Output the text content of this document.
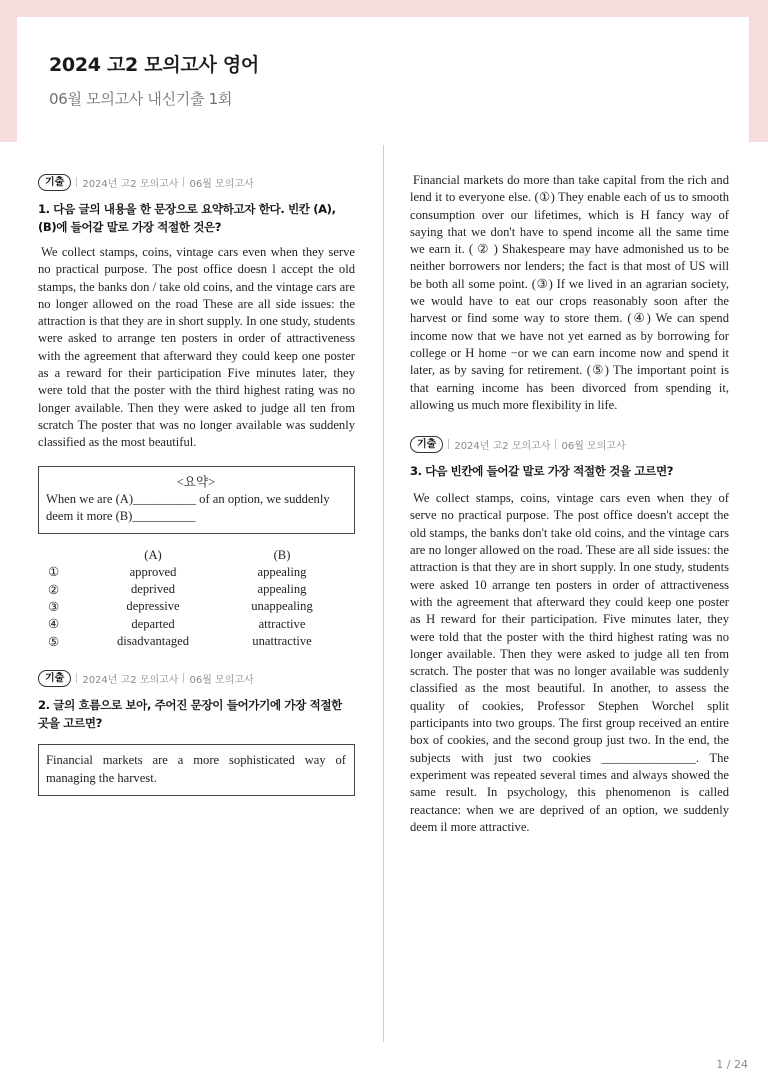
2024 고2 모의고사 영어
06월 모의고사 내신기출 1회
기출	2024년 고2 모의고사 06월 모의고사
1. 다음 글의 내용을 한 문장으로 요약하고자 한다. 빈칸 (A), (B)에 들어갈 말로 가장 적절한 것은?

We collect stamps, coins, vintage cars even when they serve no practical purpose. The post office doesn l accept the old stamps, the banks don / take old coins, and the vintage cars are no longer allowed on the road These are all side issues: the attraction is that they are in short supply. In one study, students were asked to arrange ten posters in order of attractiveness with the agreement that afterward they could keep one poster as a reward for their participation Five minutes later, they were told that the poster with the third highest rating was no longer available. Then they were asked to judge all ten from scratch The poster that was no longer available was suddenly classified as the most beautiful.

<요약>
When we are (A)__________ of an option, we suddenly
deem it more (B)__________
	(A)	(B)
①	approved	appealing
②	deprived	appealing
③	depressive	unappealing
④	departed	attractive
⑤	disadvantaged	unattractive
기출	2024년 고2 모의고사 06월 모의고사
2. 글의 흐름으로 보아, 주어진 문장이 들어가기에 가장 적절한 곳을 고르면?
Financial markets are a more sophisticated way of managing the harvest.

Financial markets do more than take capital from the rich and lend it to everyone else. (①) They enable each of us to smooth consumption over our lifetimes, which is H fancy way of saying that we don't have to spend income all the same time we earn it. ( ② ) Shakespeare may have admonished us to be neither borrowers nor lenders; the fact is that most of US will be both all some point. (③) If we lived in an agrarian society, we would have to eat our crops reasonably soon after the harvest or find some way to store them. (④) We can spend income now that we have not yet earned as by borrowing for college or H home −or we can earn income now and spend it later, as by saving for retirement. (⑤) The important point is that earning income has been divorced from spending it, allowing us much more flexibility in life.

기출	2024년 고2 모의고사 06월 모의고사
3. 다음 빈칸에 들어갈 말로 가장 적절한 것을 고르면?

We collect stamps, coins, vintage cars even when they of serve no practical purpose. The post office doesn't accept the old stamps, the banks don't take old coins, and the vintage cars are no longer allowed on the road. These are all side issues: the attraction is that they are in short supply. In one study, students were asked 10 arrange ten posters in order of attractiveness with the agreement that afterward they could keep one poster as H reward for their participation. Five minutes later, they were told that the poster with the third highest rating was no longer available. Then they were asked to judge all ten from scratch. The poster that was no longer available was suddenly classified as the most beautiful. In another, to assess the quality of cookies, Professor Stephen Worchel split participants into two groups. The first group received an entire box of cookies, and the second group just two. In the end, the subjects with just two cookies _______________. The experiment was repeated several times and always showed the same result. In psychology, this phenomenon is called reactance: when we are deprived of an option, we suddenly deem il more attractive.

1 / 24
